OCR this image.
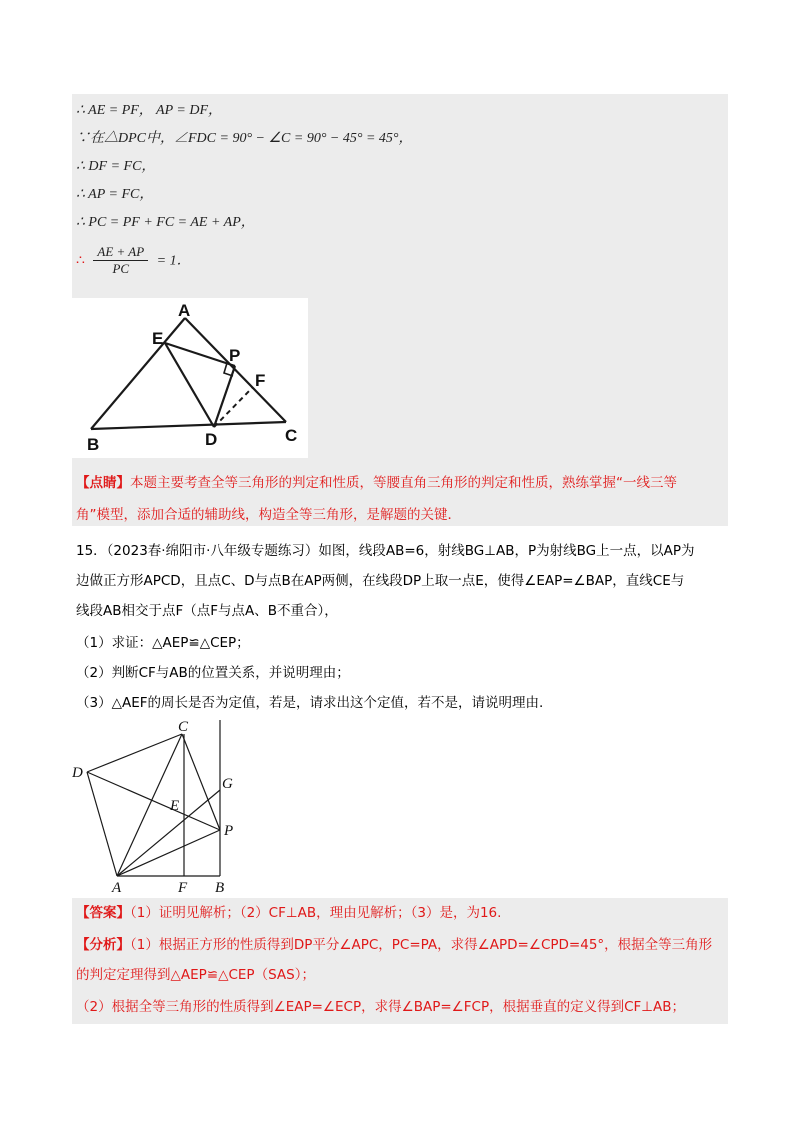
∴ AE = PF， AP = DF，
∵在△DPC中，∠FDC = 90° − ∠C = 90° − 45° = 45°，
∴ DF = FC，
∴ AP = FC，
∴ PC = PF + FC = AE + AP，
∴ $\frac{AE + AP}{PC} = 1$．
A
E
P
F
B	D	C
【点睛】本题主要考查全等三角形的判定和性质，等腰直角三角形的判定和性质，熟练掌握“一线三等
角”模型，添加合适的辅助线，构造全等三角形，是解题的关键．
15．（2023春·绵阳市·八年级专题练习）如图，线段AB=6，射线BG⊥AB，P为射线BG上一点，以AP为
边做正方形APCD，且点C、D与点B在AP两侧，在线段DP上取一点E，使得∠EAP=∠BAP，直线CE与
线段AB相交于点F（点F与点A、B不重合），
（1）求证：△AEP≌△CEP；
（2）判断CF与AB的位置关系，并说明理由；
（3）△AEF的周长是否为定值，若是，请求出这个定值，若不是，请说明理由.
C
D
G
E
P
A	F B
【答案】（1）证明见解析；（2）CF⊥AB，理由见解析；（3）是，为16.
【分析】（1）根据正方形的性质得到DP平分∠APC，PC=PA，求得∠APD=∠CPD=45°，根据全等三角形
的判定定理得到△AEP≌△CEP（SAS）；
（2）根据全等三角形的性质得到∠EAP=∠ECP，求得∠BAP=∠FCP，根据垂直的定义得到CF⊥AB；
